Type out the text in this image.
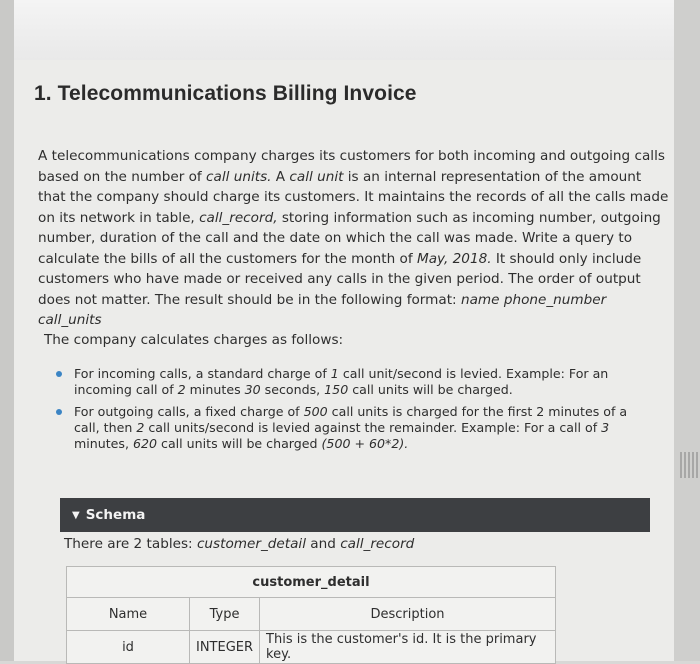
1. Telecommunications Billing Invoice

A telecommunications company charges its customers for both incoming and outgoing calls based on the number of call units. A call unit is an internal representation of the amount that the company should charge its customers. It maintains the records of all the calls made on its network in table, call_record, storing information such as incoming number, outgoing number, duration of the call and the date on which the call was made. Write a query to calculate the bills of all the customers for the month of May, 2018. It should only include customers who have made or received any calls in the given period. The order of output does not matter. The result should be in the following format: name phone_number call_units

The company calculates charges as follows:
For incoming calls, a standard charge of 1 call unit/second is levied. Example: For an incoming call of 2 minutes 30 seconds, 150 call units will be charged.
For outgoing calls, a fixed charge of 500 call units is charged for the first 2 minutes of a call, then 2 call units/second is levied against the remainder. Example: For a call of 3 minutes, 620 call units will be charged (500 + 60*2).
▼ Schema
There are 2 tables: customer_detail and call_record
customer_detail		
Name	Type	Description
id	INTEGER	This is the customer's id. It is the primary key.
